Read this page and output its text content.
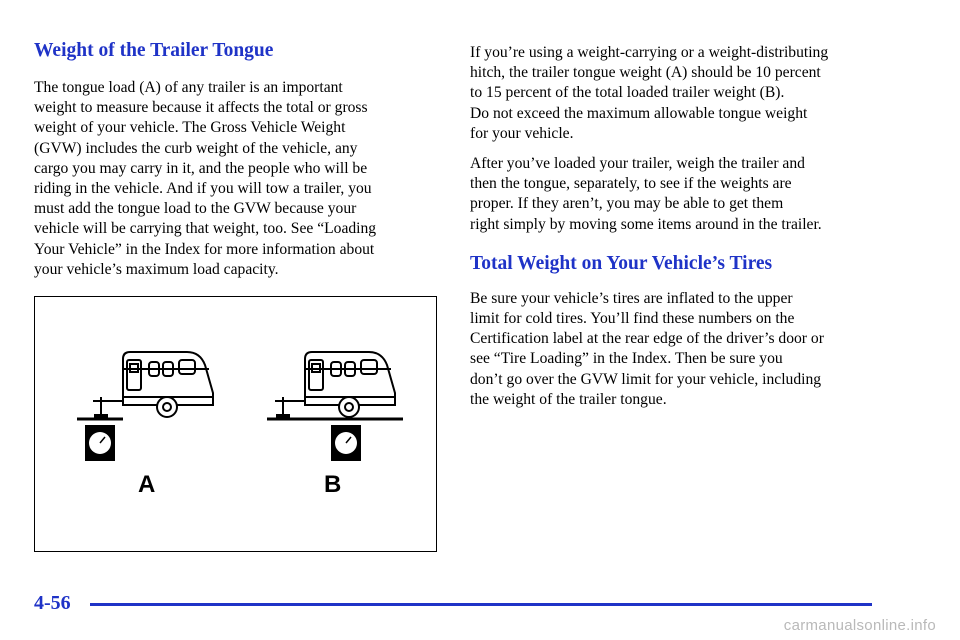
Weight of the Trailer Tongue

The tongue load (A) of any trailer is an important
weight to measure because it affects the total or gross
weight of your vehicle. The Gross Vehicle Weight
(GVW) includes the curb weight of the vehicle, any
cargo you may carry in it, and the people who will be
riding in the vehicle. And if you will tow a trailer, you
must add the tongue load to the GVW because your
vehicle will be carrying that weight, too. See “Loading
Your Vehicle” in the Index for more information about
your vehicle’s maximum load capacity.

A	B

If you’re using a weight-carrying or a weight-distributing
hitch, the trailer tongue weight (A) should be 10 percent
to 15 percent of the total loaded trailer weight (B).
Do not exceed the maximum allowable tongue weight
for your vehicle.

After you’ve loaded your trailer, weigh the trailer and
then the tongue, separately, to see if the weights are
proper. If they aren’t, you may be able to get them
right simply by moving some items around in the trailer.

Total Weight on Your Vehicle’s Tires

Be sure your vehicle’s tires are inflated to the upper
limit for cold tires. You’ll find these numbers on the
Certification label at the rear edge of the driver’s door or
see “Tire Loading” in the Index. Then be sure you
don’t go over the GVW limit for your vehicle, including
the weight of the trailer tongue.

4-56
carmanualsonline.info
